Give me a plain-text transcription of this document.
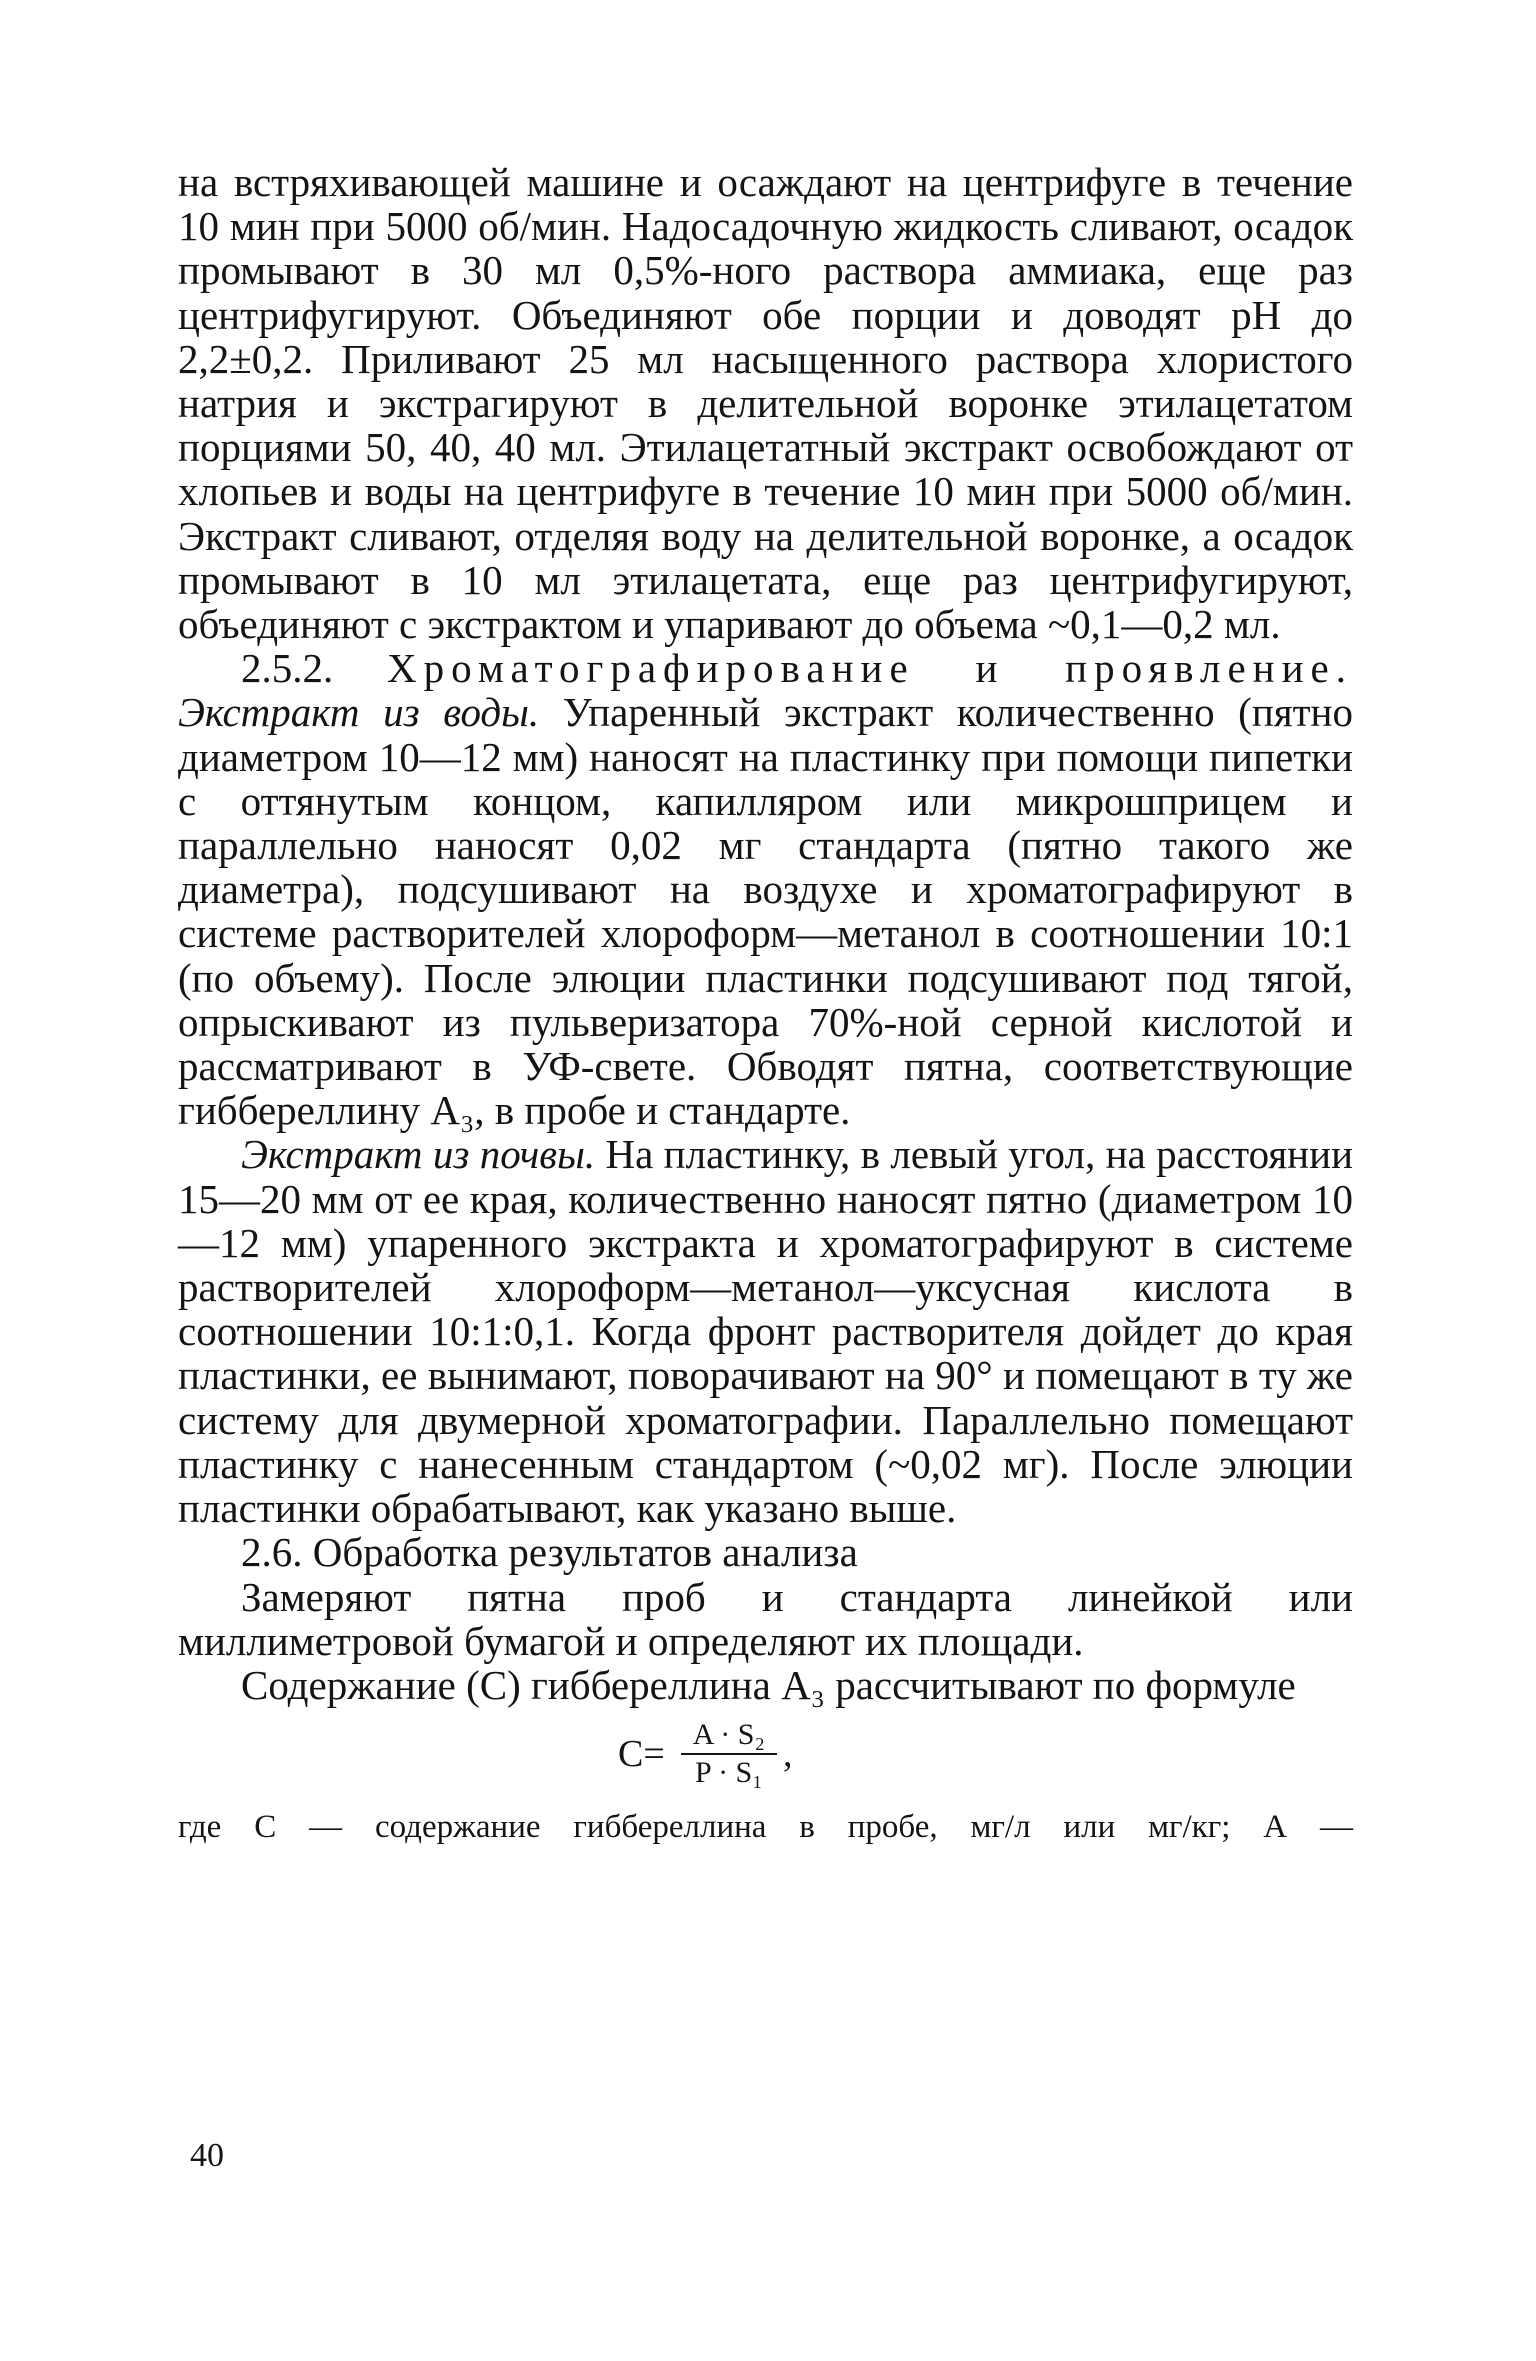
на встряхивающей машине и осаждают на центрифуге в течение 10 мин при 5000 об/мин. Надосадочную жидкость сливают, осадок промывают в 30 мл 0,5%-ного раствора аммиака, еще раз центрифугируют. Объединяют обе порции и доводят pH до 2,2±0,2. Приливают 25 мл насыщенного раствора хлористого натрия и экстрагируют в делительной воронке этилацетатом порциями 50, 40, 40 мл. Этилацетатный экстракт освобождают от хлопьев и воды на центрифуге в течение 10 мин при 5000 об/мин. Экстракт сливают, отделяя воду на делительной воронке, а осадок промывают в 10 мл этилацетата, еще раз центрифугируют, объединяют с экстрактом и упаривают до объема ~0,1—0,2 мл.

2.5.2. Хроматографирование и проявление. Экстракт из воды. Упаренный экстракт количественно (пятно диаметром 10—12 мм) наносят на пластинку при помощи пипетки с оттянутым концом, капилляром или микрошприцем и параллельно наносят 0,02 мг стандарта (пятно такого же диаметра), подсушивают на воздухе и хроматографируют в системе растворителей хлороформ—метанол в соотношении 10:1 (по объему). После элюции пластинки подсушивают под тягой, опрыскивают из пульверизатора 70%-ной серной кислотой и рассматривают в УФ-свете. Обводят пятна, соответствующие гиббереллину A₃, в пробе и стандарте.

Экстракт из почвы. На пластинку, в левый угол, на расстоянии 15—20 мм от ее края, количественно наносят пятно (диаметром 10—12 мм) упаренного экстракта и хроматографируют в системе растворителей хлороформ—метанол—уксусная кислота в соотношении 10:1:0,1. Когда фронт растворителя дойдет до края пластинки, ее вынимают, поворачивают на 90° и помещают в ту же систему для двумерной хроматографии. Параллельно помещают пластинку с нанесенным стандартом (~0,02 мг). После элюции пластинки обрабатывают, как указано выше.

2.6. Обработка результатов анализа

Замеряют пятна проб и стандарта линейкой или миллиметровой бумагой и определяют их площади.

Содержание (С) гиббереллина A₃ рассчитывают по формуле

$С= \frac{\text{A · S₂}}{\text{P · S₁}}$ ,

где С — содержание гиббереллина в пробе, мг/л или мг/кг; А —

40
